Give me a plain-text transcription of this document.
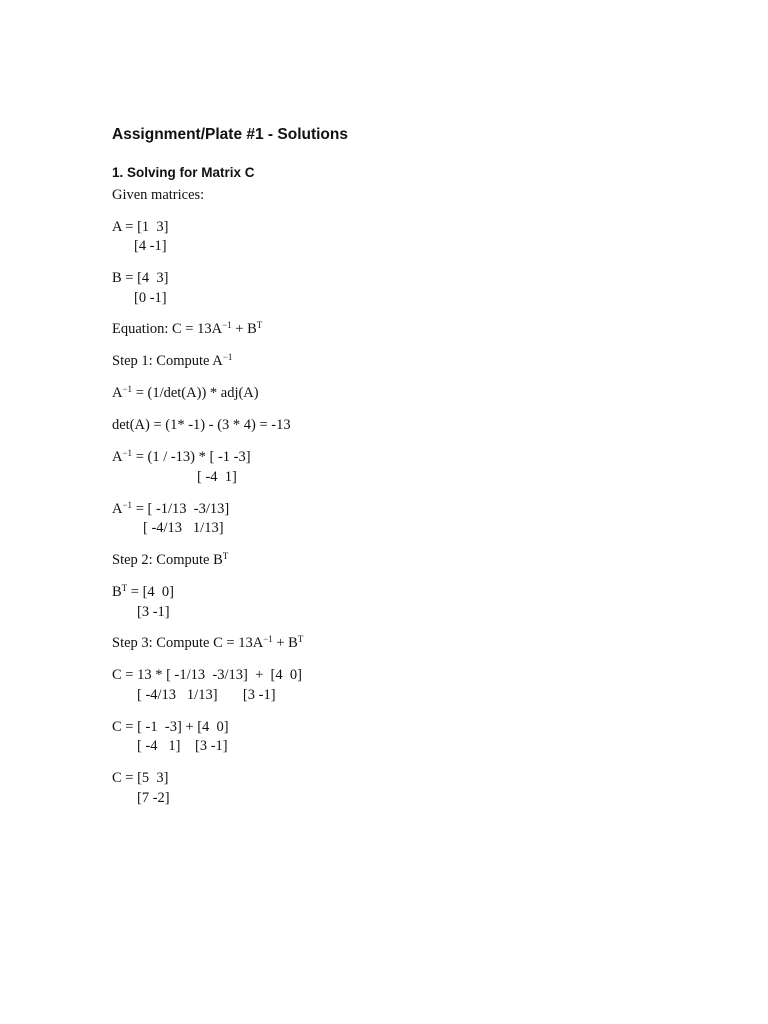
Assignment/Plate #1 - Solutions
1. Solving for Matrix C
Given matrices:
A = [1  3]
[4 -1]
B = [4  3]
[0 -1]
Equation: $C = 13A^{-1} + B^T$
Step 1: Compute $A^{-1}$
$A^{-1} = (1/\det(A)) * adj(A)$
det(A) = (1* -1) - (3 * 4) = -13
$A^{-1} = (1 / -13)$ * [ -1 -3]
[ -4  1]
$A^{-1}$ = [ -1/13  -3/13]
[ -4/13   1/13]
Step 2: Compute $B^T$
$B^T = [4$  0]
[3 -1]
Step 3: Compute $C = 13A^{-1} + B^T$
C = 13 * [ -1/13  -3/13]  +  [4  0]
[ -4/13   1/13]       [3 -1]
C = [ -1  -3] + [4  0]
[ -4   1]    [3 -1]
C = [5  3]
[7 -2]
